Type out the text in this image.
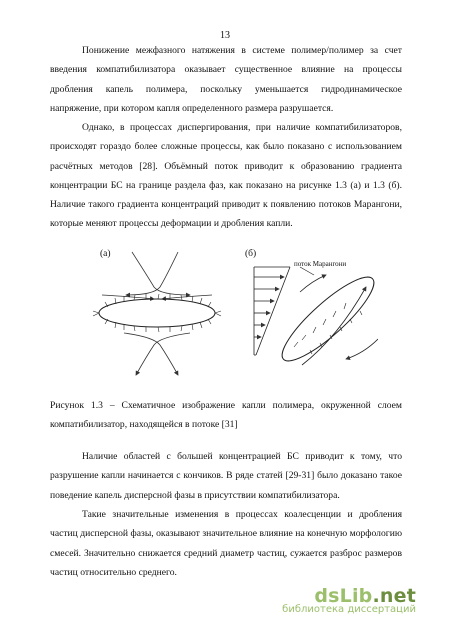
13

Понижение межфазного натяжения в системе полимер/полимер за счет введения компатибилизатора оказывает существенное влияние на процессы дробления капель полимера, поскольку уменьшается гидродинамическое напряжение, при котором капля определенного размера разрушается.

Однако, в процессах диспергирования, при наличие компатибилизаторов, происходят гораздо более сложные процессы, как было показано с использованием расчётных методов [28]. Объёмный поток приводит к образованию градиента концентрации БС на границе раздела фаз, как показано на рисунке 1.3 (а) и 1.3 (б). Наличие такого градиента концентраций приводит к появлению потоков Марангони, которые меняют процессы деформации и дробления капли.

(а)	(б)
поток Марангони

Рисунок 1.3 – Схематичное изображение капли полимера, окруженной слоем компатибилизатор, находящейся в потоке [31]

Наличие областей с большей концентрацией БС приводит к тому, что разрушение капли начинается с кончиков. В ряде статей [29-31] было доказано такое поведение капель дисперсной фазы в присутствии компатибилизатора.

Такие значительные изменения в процессах коалесценции и дробления частиц дисперсной фазы, оказывают значительное влияние на конечную морфологию смесей. Значительно снижается средний диаметр частиц, сужается разброс размеров частиц относительно среднего.

dsLib.net
библиотека диссертаций
